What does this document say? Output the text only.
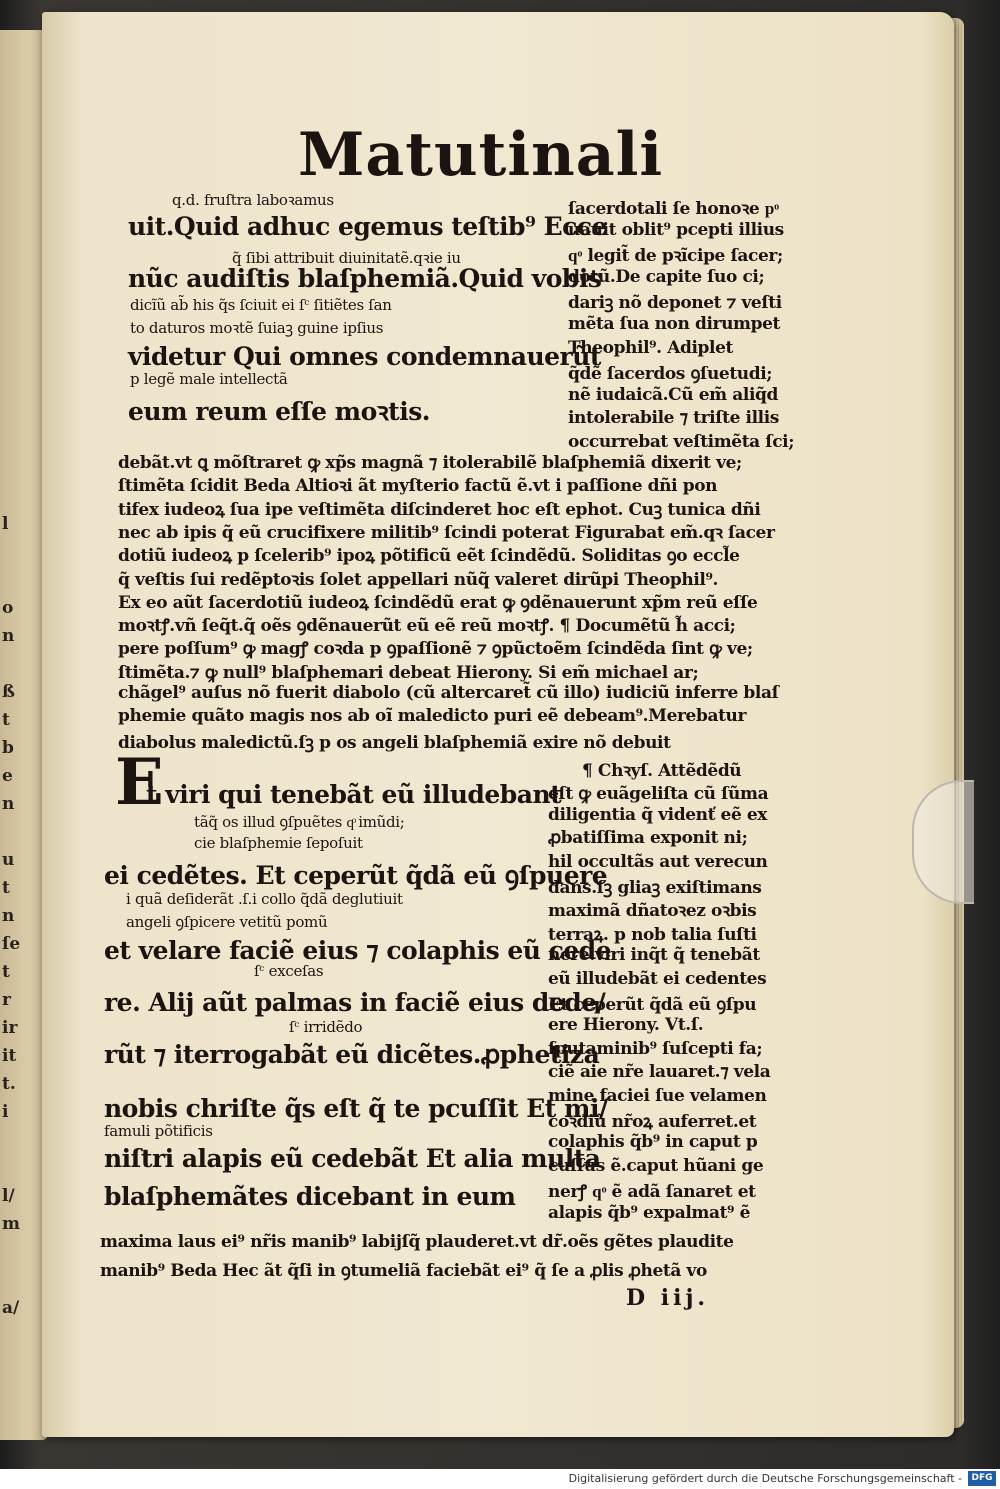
l

o
n

ß
t
b
e
n

u
t
n
ſe
t
r
ir
it
t.
i

l/
m

a/
Matutinali
q.d. fruſtra laboꝛamus
uit.Quid adhuc egemus teſtib⁹ Ecce
q̃ ſibi attribuit diuinitatẽ.qꝛie iu
nũc audiſtis blaſphemiã.Quid vobis
dicĩũ ab̃ his q̃s ſciuit ei ſᶜ ſitiẽtes ſan
to daturos moꝛtẽ ſuiaꝫ guine ipſius
videtur Qui omnes condemnauerũt
p legẽ male intellectã
eum reum eſſe moꝛtis.
ſacerdotali ſe honoꝛe pͦ
uauit oblit⁹ pcepti illius
qͦ legit̃ de pꝛĩcipe ſacer;
dotũ.De capite ſuo ci;
dariꝫ nõ deponet ⁊ veſti
mẽta ſua non dirumpet
Theophil⁹. Adiplet
q̃dẽ ſacerdos ꝯſuetudi;
nẽ iudaicã.Cũ em̃ aliq̃d
intolerabile ⁊ triſte illis
occurrebat veſtimẽta ſci;
debãt.vt ꝗ mõſtraret ꝙ xp̃s magnã ⁊ itolerabilẽ blaſphemiã dixerit ve;
ſtimẽta ſcidit Beda Altioꝛi ãt myſterio factũ ẽ.vt i paſſione dñi pon
tifex iudeoꝝ ſua ipe veſtimẽta diſcinderet hoc eſt ephot. Cuꝫ tunica dñi
nec ab ipis q̃ eũ crucifixere militib⁹ ſcindi poterat Figurabat em̃.qꝛ ſacer
dotiũ iudeoꝝ p ſcelerib⁹ ipoꝝ põtificũ eẽt ſcindẽdũ. Soliditas ꝯo eccl̃e
q̃ veſtis ſui redẽptoꝛis ſolet appellari nũq̃ valeret dirũpi Theophil⁹.
Ex eo aũt ſacerdotiũ iudeoꝝ ſcindẽdũ erat ꝙ ꝯdẽnauerunt xp̃m reũ eſſe
moꝛtꝭ.vñ ſeq̃t.q̃ oẽs ꝯdẽnauerũt eũ eẽ reũ moꝛtꝭ. ¶ Documẽtũ h̃ acci;
pere poſſum⁹ ꝙ magꝭ coꝛda p ꝯpaſſionẽ ⁊ ꝯpũctoẽm ſcindẽda ſint ꝙ ve;
ſtimẽta.⁊ ꝙ null⁹ blaſphemari debeat Hierony. Si em̃ michael ar;
chãgel⁹ auſus nõ fuerit diabolo (cũ altercaret̃ cũ illo) iudiciũ inferre blaſ
phemie quãto magis nos ab oĩ maledicto puri eẽ debeam⁹.Merebatur
diabolus maledictũ.ſꝫ p os angeli blaſphemiã exire nõ debuit
E
t viri qui tenebãt eũ illudebant
tãq̃ os illud ꝯſpuẽtes qͦ imũdi;
cie blaſphemie ſepoſuit
ei cedẽtes. Et ceperũt q̃dã eũ ꝯſpuere
i quã deſiderãt .ſ.i collo q̃dã deglutiuit
angeli ꝯſpicere vetitũ pomũ
et velare faciẽ eius ⁊ colaphis eũ cede
ſᶜ exceſas
re. Alij aũt palmas in faciẽ eius dede/
ſᶜ irridẽdo
rũt ⁊ iterrogabãt eũ dicẽtes.ꝓphetiza
nobis chriſte q̃s eſt q̃ te pcuſſit Et mi/
famuli põtificis
niſtri alapis eũ cedebãt Et alia multa
blaſphemãtes dicebant in eum
¶ Chꝛyſ. Attẽdẽdũ
eſt ꝙ euãgeliſta cũ ſũma
diligentia q̃ videnť eẽ ex
ꝓbatiſſima exponit ni;
hil occultãs aut verecun
dans.ſꝫ gliaꝫ exiſtimans
maximã dñatoꝛez oꝛbis
terraꝝ. p nob talia ſuſti
nere.viri inq̃t q̃ tenebãt
eũ illudebãt ei cedentes
Et ceperũt q̃dã eũ ꝯſpu
ere Hierony. Vt.ſ.
ſputaminib⁹ ſuſcepti fa;
ciẽ aie nr̃e lauaret.⁊ vela
mine faciei ſue velamen
coꝛdiũ nr̃oꝝ auferret.et
colaphis q̃b⁹ in caput p
cuſſus ẽ.caput hũani ge
nerꝭ qͦ ẽ adã ſanaret et
alapis q̃b⁹ expalmat⁹ ẽ
maxima laus ei⁹ nr̃is manib⁹ labijſq̃ plauderet.vt dr̃.oẽs gẽtes plaudite
manib⁹ Beda Hec ãt q̃ſi in ꝯtumeliã faciebãt ei⁹ q̃ ſe a ꝓlis ꝓhetã vo
D iij.
Digitalisierung gefördert durch die Deutsche Forschungsgemeinschaft -	DFG
